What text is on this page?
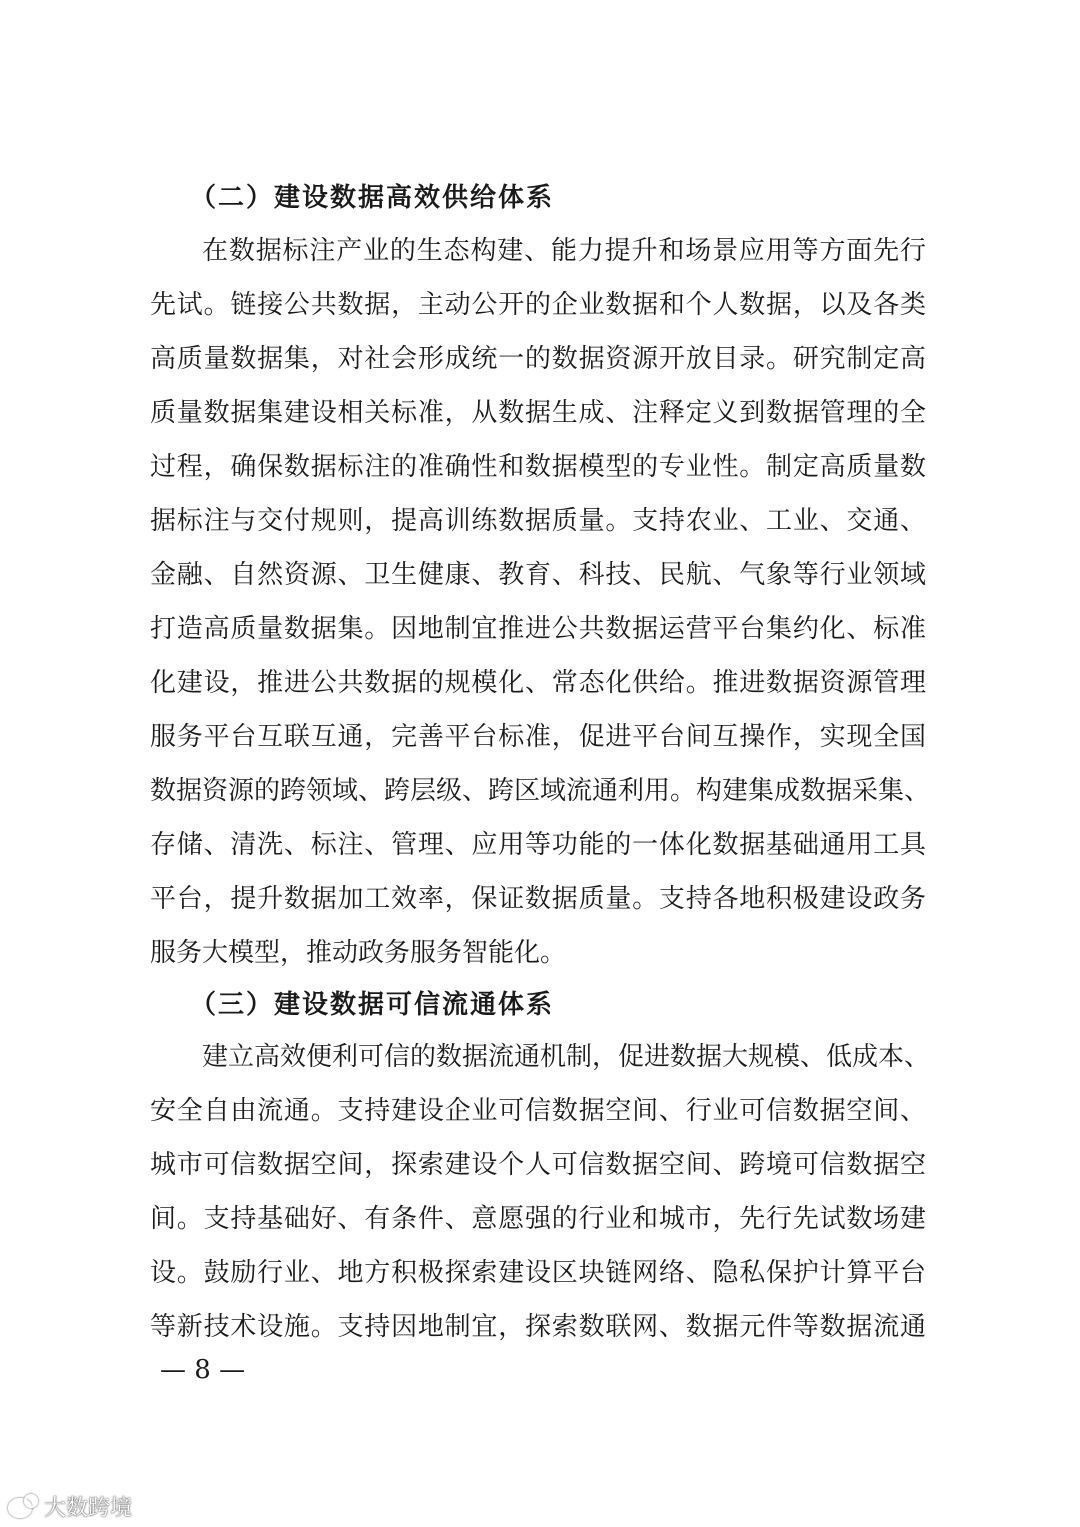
（二）建设数据高效供给体系
在数据标注产业的生态构建、能力提升和场景应用等方面先行
先试。链接公共数据，主动公开的企业数据和个人数据，以及各类
高质量数据集，对社会形成统一的数据资源开放目录。研究制定高
质量数据集建设相关标准，从数据生成、注释定义到数据管理的全
过程，确保数据标注的准确性和数据模型的专业性。制定高质量数
据标注与交付规则，提高训练数据质量。支持农业、工业、交通、
金融、自然资源、卫生健康、教育、科技、民航、气象等行业领域
打造高质量数据集。因地制宜推进公共数据运营平台集约化、标准
化建设，推进公共数据的规模化、常态化供给。推进数据资源管理
服务平台互联互通，完善平台标准，促进平台间互操作，实现全国
数据资源的跨领域、跨层级、跨区域流通利用。构建集成数据采集、
存储、清洗、标注、管理、应用等功能的一体化数据基础通用工具
平台，提升数据加工效率，保证数据质量。支持各地积极建设政务
服务大模型，推动政务服务智能化。
（三）建设数据可信流通体系
建立高效便利可信的数据流通机制，促进数据大规模、低成本、
安全自由流通。支持建设企业可信数据空间、行业可信数据空间、
城市可信数据空间，探索建设个人可信数据空间、跨境可信数据空
间。支持基础好、有条件、意愿强的行业和城市，先行先试数场建
设。鼓励行业、地方积极探索建设区块链网络、隐私保护计算平台
等新技术设施。支持因地制宜，探索数联网、数据元件等数据流通
— 8 —
大数跨境
